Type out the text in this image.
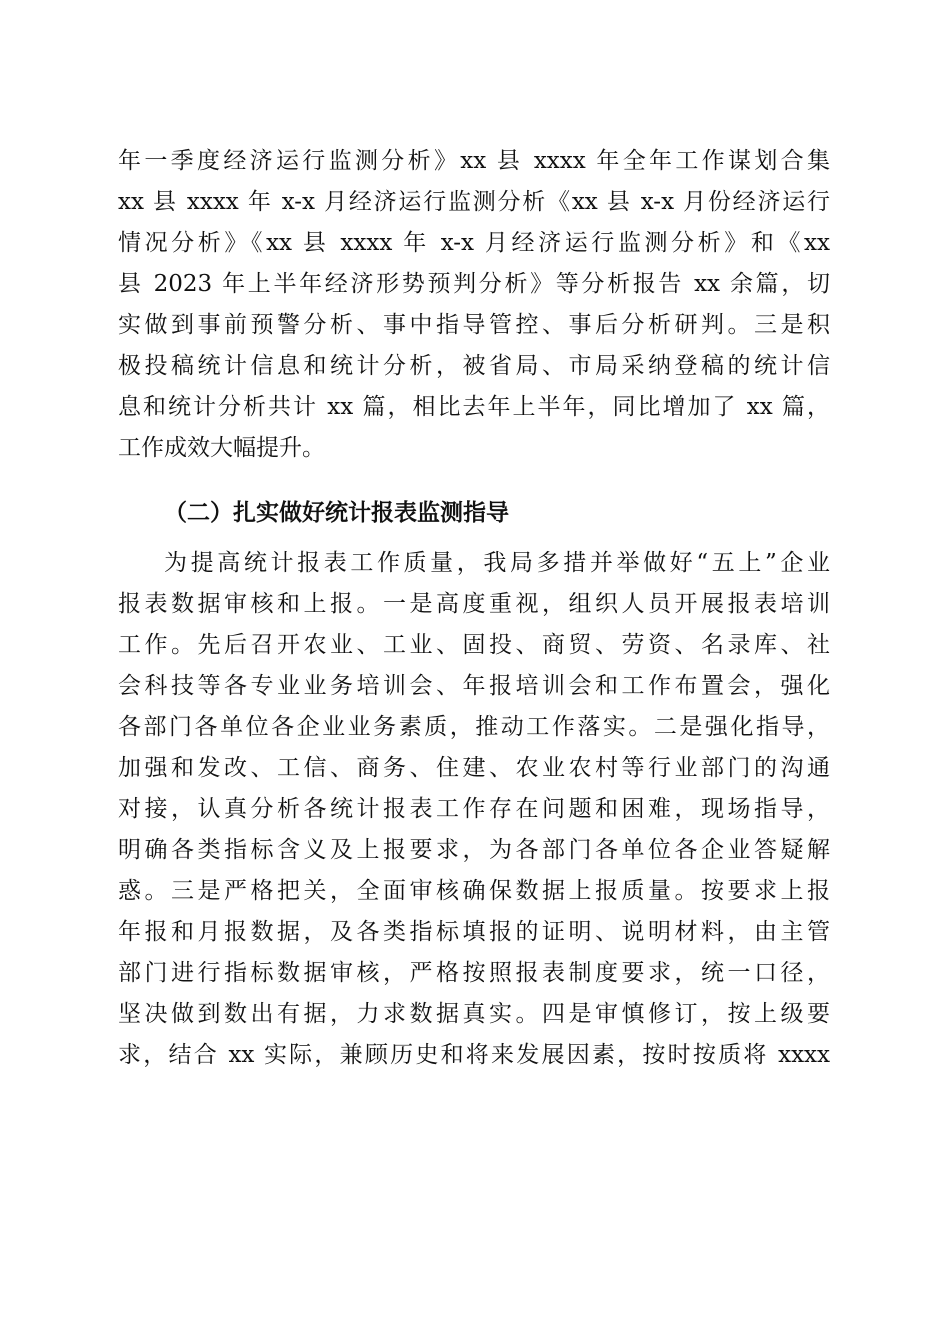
年一季度经济运行监测分析》xx 县 xxxx 年全年工作谋划合集
xx 县 xxxx 年 x-x 月经济运行监测分析《xx 县 x-x 月份经济运行
情况分析》《xx 县 xxxx 年 x-x 月经济运行监测分析》和《xx
县 2023 年上半年经济形势预判分析》等分析报告 xx 余篇，切
实做到事前预警分析、事中指导管控、事后分析研判。三是积
极投稿统计信息和统计分析，被省局、市局采纳登稿的统计信
息和统计分析共计 xx 篇，相比去年上半年，同比增加了 xx 篇，
工作成效大幅提升。
（二）扎实做好统计报表监测指导
为提高统计报表工作质量，我局多措并举做好“五上”企业
报表数据审核和上报。一是高度重视，组织人员开展报表培训
工作。先后召开农业、工业、固投、商贸、劳资、名录库、社
会科技等各专业业务培训会、年报培训会和工作布置会，强化
各部门各单位各企业业务素质，推动工作落实。二是强化指导，
加强和发改、工信、商务、住建、农业农村等行业部门的沟通
对接，认真分析各统计报表工作存在问题和困难，现场指导，
明确各类指标含义及上报要求，为各部门各单位各企业答疑解
惑。三是严格把关，全面审核确保数据上报质量。按要求上报
年报和月报数据，及各类指标填报的证明、说明材料，由主管
部门进行指标数据审核，严格按照报表制度要求，统一口径，
坚决做到数出有据，力求数据真实。四是审慎修订，按上级要
求，结合 xx 实际，兼顾历史和将来发展因素，按时按质将 xxxx
